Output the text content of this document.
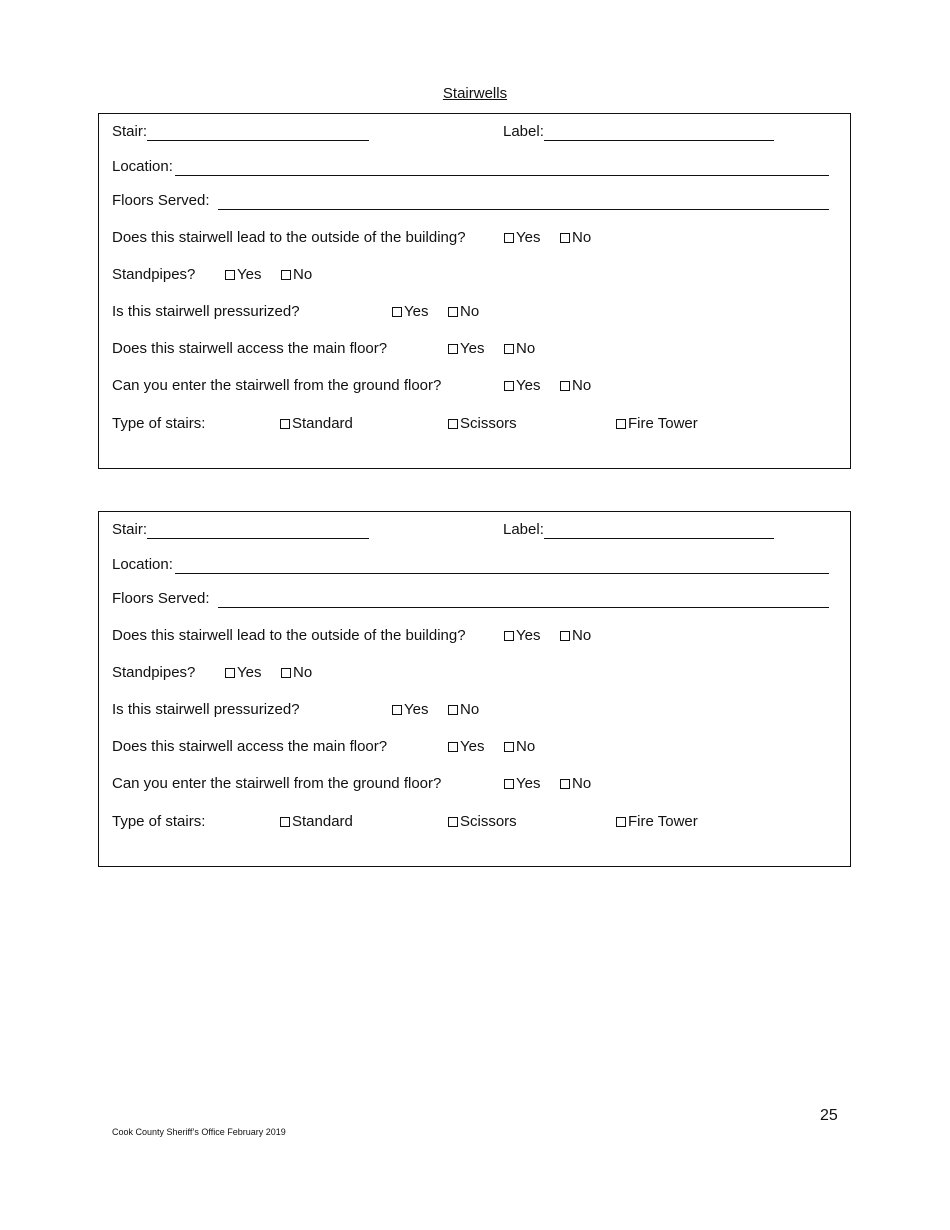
Stairwells
Stair:	Label:
Location:
Floors Served:
Does this stairwell lead to the outside of the building?	Yes	No
Standpipes?	Yes	No
Is this stairwell pressurized?	Yes	No
Does this stairwell access the main floor?	Yes	No
Can you enter the stairwell from the ground floor?	Yes	No
Type of stairs:	Standard	Scissors	Fire Tower
Stair:	Label:
Location:
Floors Served:
Does this stairwell lead to the outside of the building?	Yes	No
Standpipes?	Yes	No
Is this stairwell pressurized?	Yes	No
Does this stairwell access the main floor?	Yes	No
Can you enter the stairwell from the ground floor?	Yes	No
Type of stairs:	Standard	Scissors	Fire Tower
25
Cook County Sheriff’s Office February 2019
